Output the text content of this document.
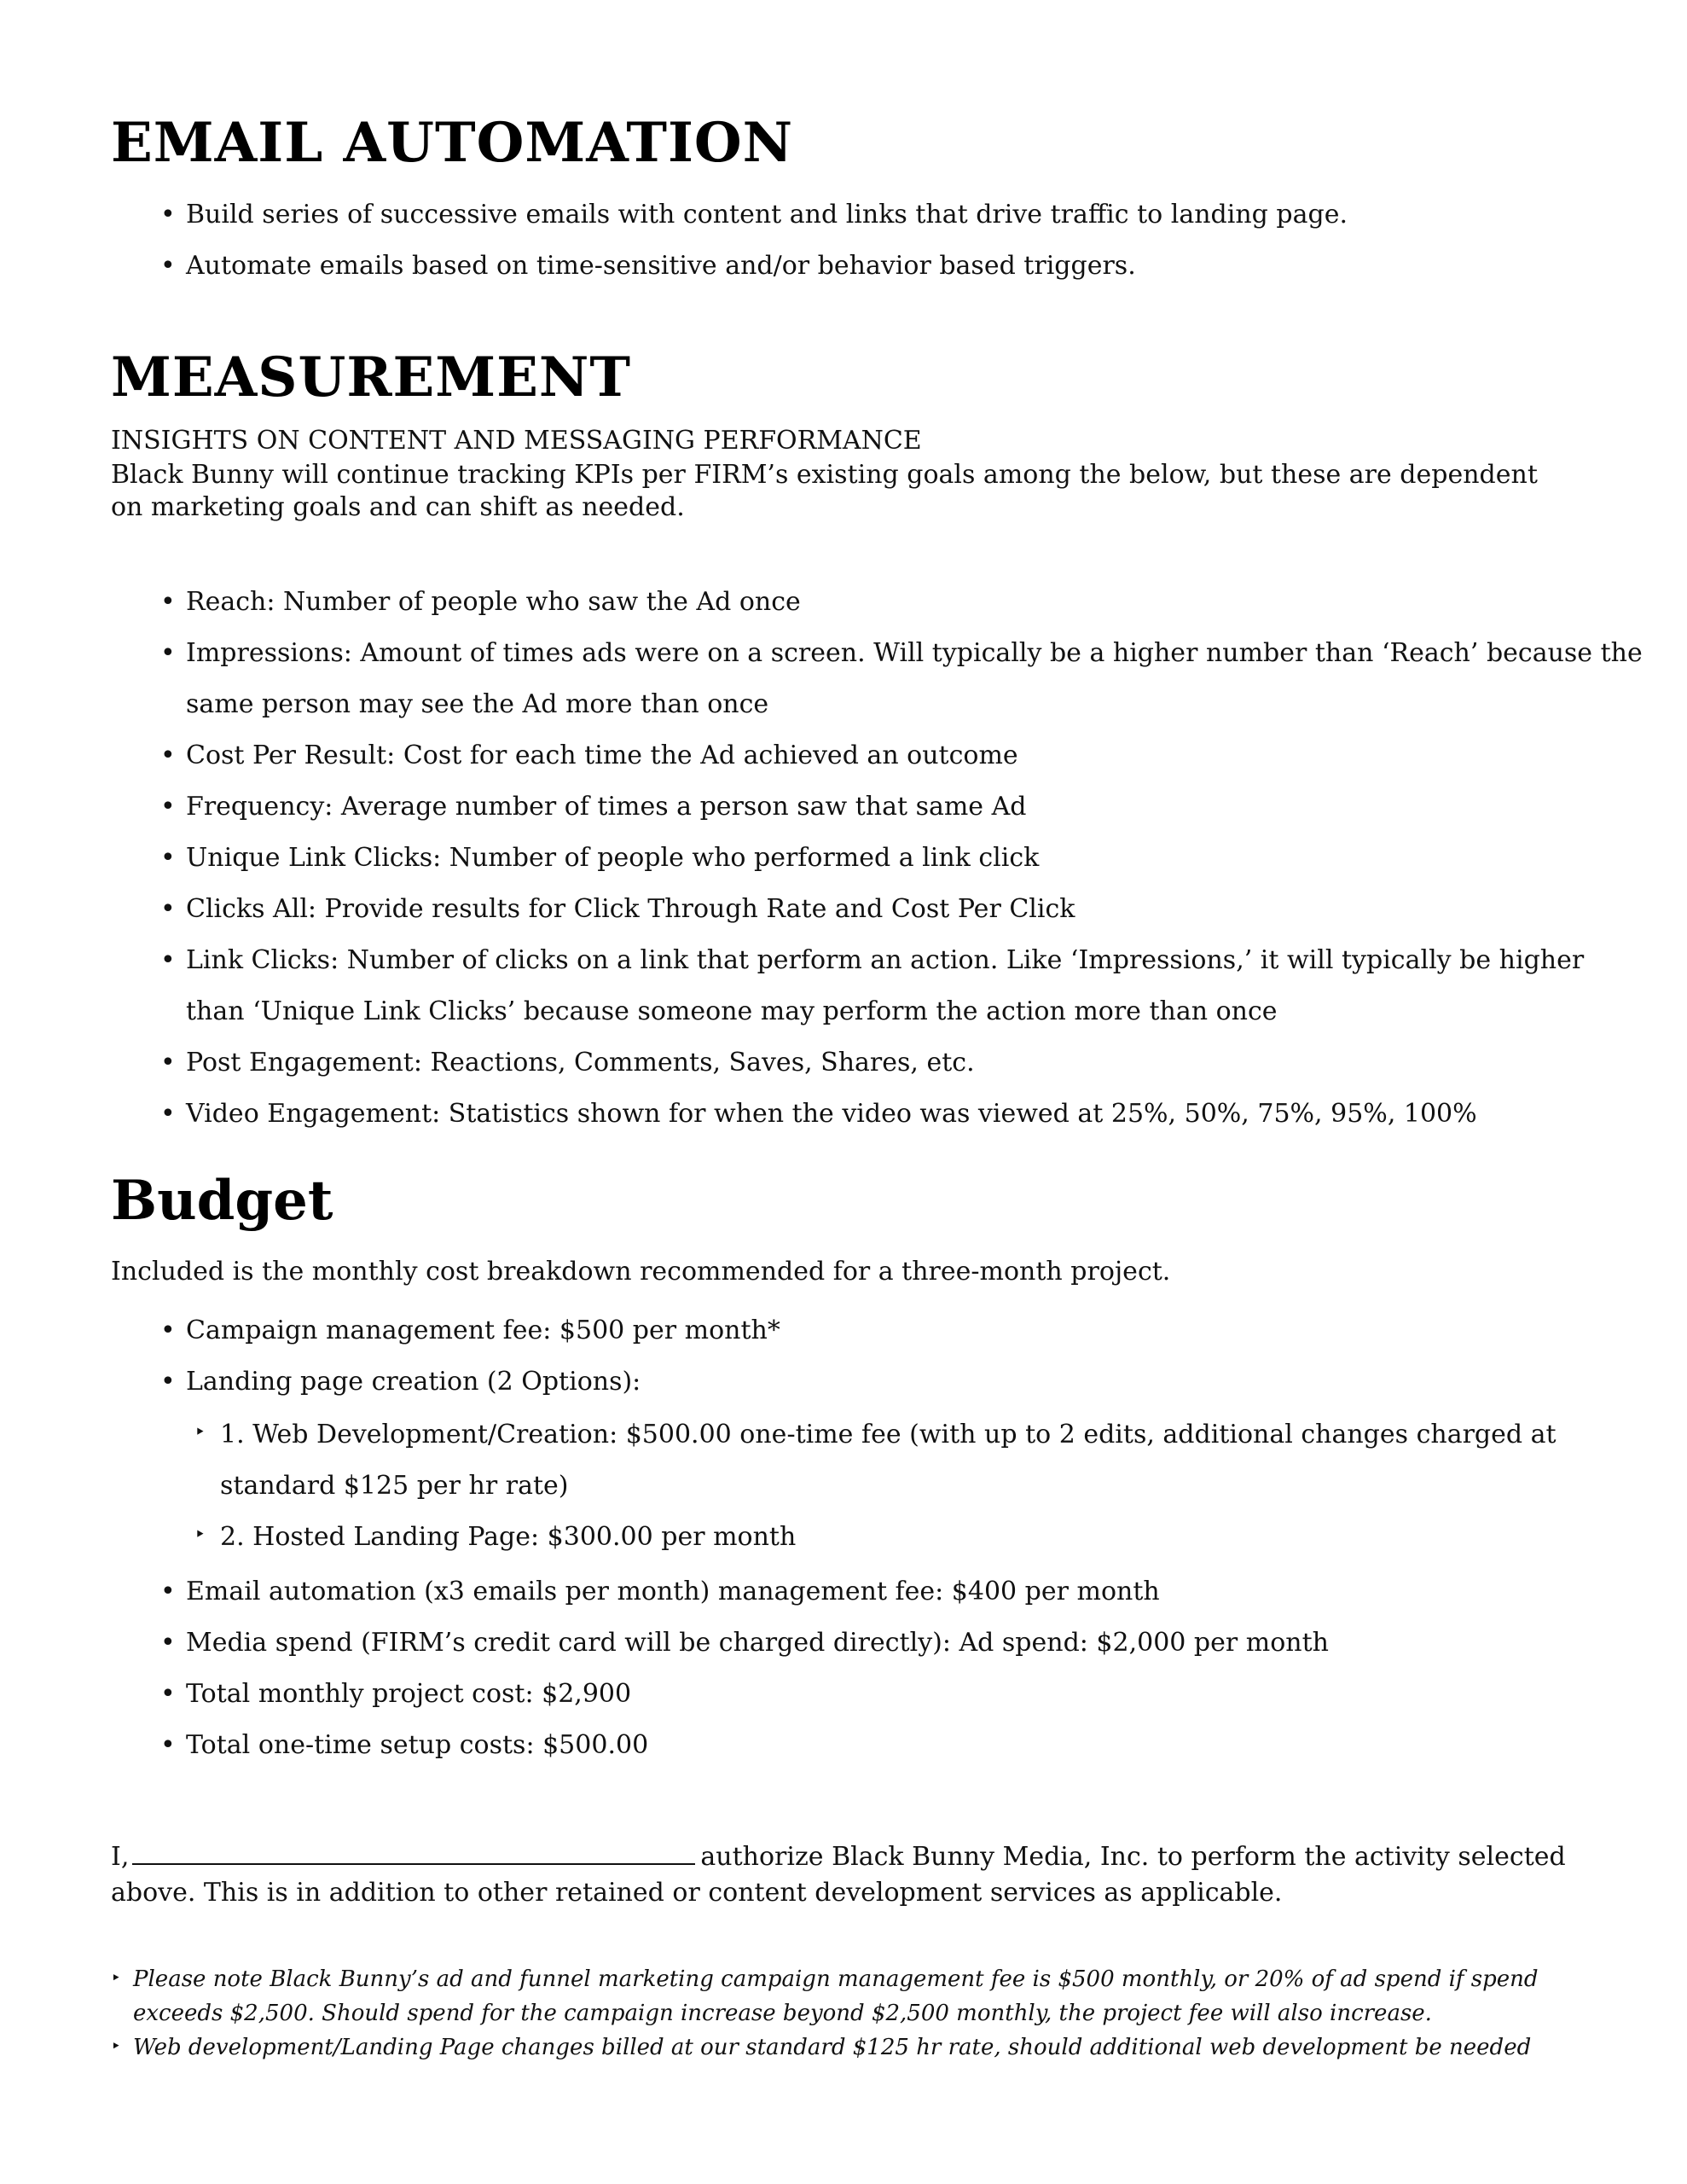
EMAIL AUTOMATION
• Build series of successive emails with content and links that drive traffic to landing page.
• Automate emails based on time-sensitive and/or behavior based triggers.
MEASUREMENT

INSIGHTS ON CONTENT AND MESSAGING PERFORMANCE

Black Bunny will continue tracking KPIs per FIRM’s existing goals among the below, but these are dependent on marketing goals and can shift as needed.

• Reach: Number of people who saw the Ad once
• Impressions: Amount of times ads were on a screen. Will typically be a higher number than ‘Reach’ because the same person may see the Ad more than once
• Cost Per Result: Cost for each time the Ad achieved an outcome
• Frequency: Average number of times a person saw that same Ad
• Unique Link Clicks: Number of people who performed a link click
• Clicks All: Provide results for Click Through Rate and Cost Per Click
• Link Clicks: Number of clicks on a link that perform an action. Like ‘Impressions,’ it will typically be higher than ‘Unique Link Clicks’ because someone may perform the action more than once
• Post Engagement: Reactions, Comments, Saves, Shares, etc.
• Video Engagement: Statistics shown for when the video was viewed at 25%, 50%, 75%, 95%, 100%
Budget

Included is the monthly cost breakdown recommended for a three-month project.

• Campaign management fee: $500 per month*
• Landing page creation (2 Options):
‣ 1. Web Development/Creation: $500.00 one-time fee (with up to 2 edits, additional changes charged at standard $125 per hr rate)
‣ 2. Hosted Landing Page: $300.00 per month
• Email automation (x3 emails per month) management fee: $400 per month
• Media spend (FIRM’s credit card will be charged directly): Ad spend: $2,000 per month
• Total monthly project cost: $2,900
• Total one-time setup costs: $500.00
I,	authorize Black Bunny Media, Inc. to perform the activity selected above. This is in addition to other retained or content development services as applicable.
‣ Please note Black Bunny’s ad and funnel marketing campaign management fee is $500 monthly, or 20% of ad spend if spend exceeds $2,500. Should spend for the campaign increase beyond $2,500 monthly, the project fee will also increase.
‣ Web development/Landing Page changes billed at our standard $125 hr rate, should additional web development be needed
